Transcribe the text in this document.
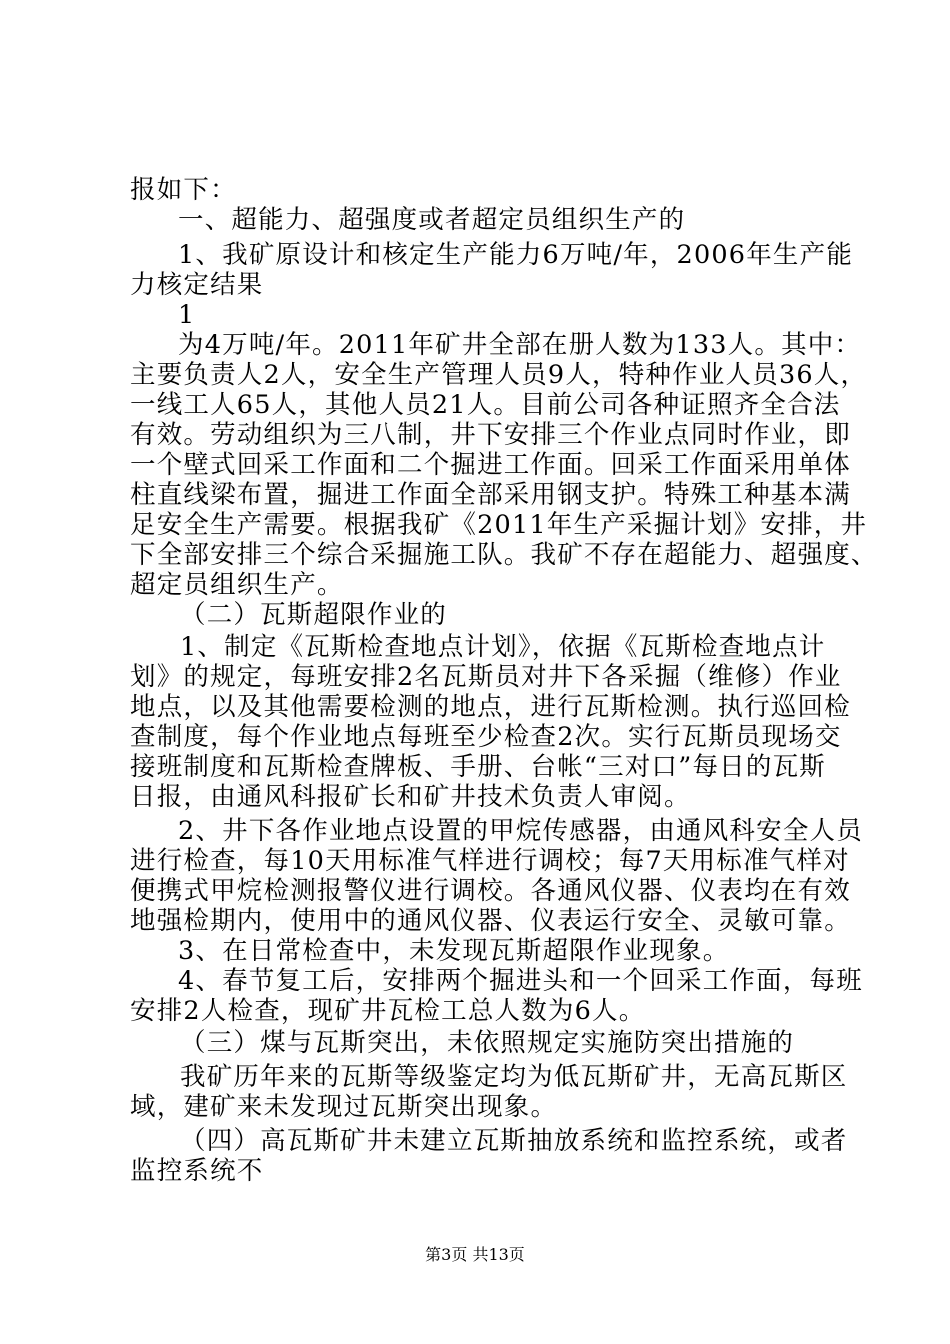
报如下：
一、超能力、超强度或者超定员组织生产的
1、我矿原设计和核定生产能力6万吨/年，2006年生产能
力核定结果
1
为4万吨/年。2011年矿井全部在册人数为133人。其中：
主要负责人2人，安全生产管理人员9人，特种作业人员36人，
一线工人65人，其他人员21人。目前公司各种证照齐全合法
有效。劳动组织为三八制，井下安排三个作业点同时作业，即
一个壁式回采工作面和二个掘进工作面。回采工作面采用单体
柱直线梁布置，掘进工作面全部采用钢支护。特殊工种基本满
足安全生产需要。根据我矿《2011年生产采掘计划》安排，井
下全部安排三个综合采掘施工队。我矿不存在超能力、超强度、
超定员组织生产。
（二）瓦斯超限作业的
1、制定《瓦斯检查地点计划》，依据《瓦斯检查地点计
划》的规定，每班安排2名瓦斯员对井下各采掘（维修）作业
地点，以及其他需要检测的地点，进行瓦斯检测。执行巡回检
查制度，每个作业地点每班至少检查2次。实行瓦斯员现场交
接班制度和瓦斯检查牌板、手册、台帐“三对口”每日的瓦斯
日报，由通风科报矿长和矿井技术负责人审阅。
2、井下各作业地点设置的甲烷传感器，由通风科安全人员
进行检查，每10天用标准气样进行调校；每7天用标准气样对
便携式甲烷检测报警仪进行调校。各通风仪器、仪表均在有效
地强检期内，使用中的通风仪器、仪表运行安全、灵敏可靠。
3、在日常检查中，未发现瓦斯超限作业现象。
4、春节复工后，安排两个掘进头和一个回采工作面，每班
安排2人检查，现矿井瓦检工总人数为6人。
（三）煤与瓦斯突出，未依照规定实施防突出措施的
我矿历年来的瓦斯等级鉴定均为低瓦斯矿井，无高瓦斯区
域，建矿来未发现过瓦斯突出现象。
（四）高瓦斯矿井未建立瓦斯抽放系统和监控系统，或者
监控系统不
第3页 共13页
